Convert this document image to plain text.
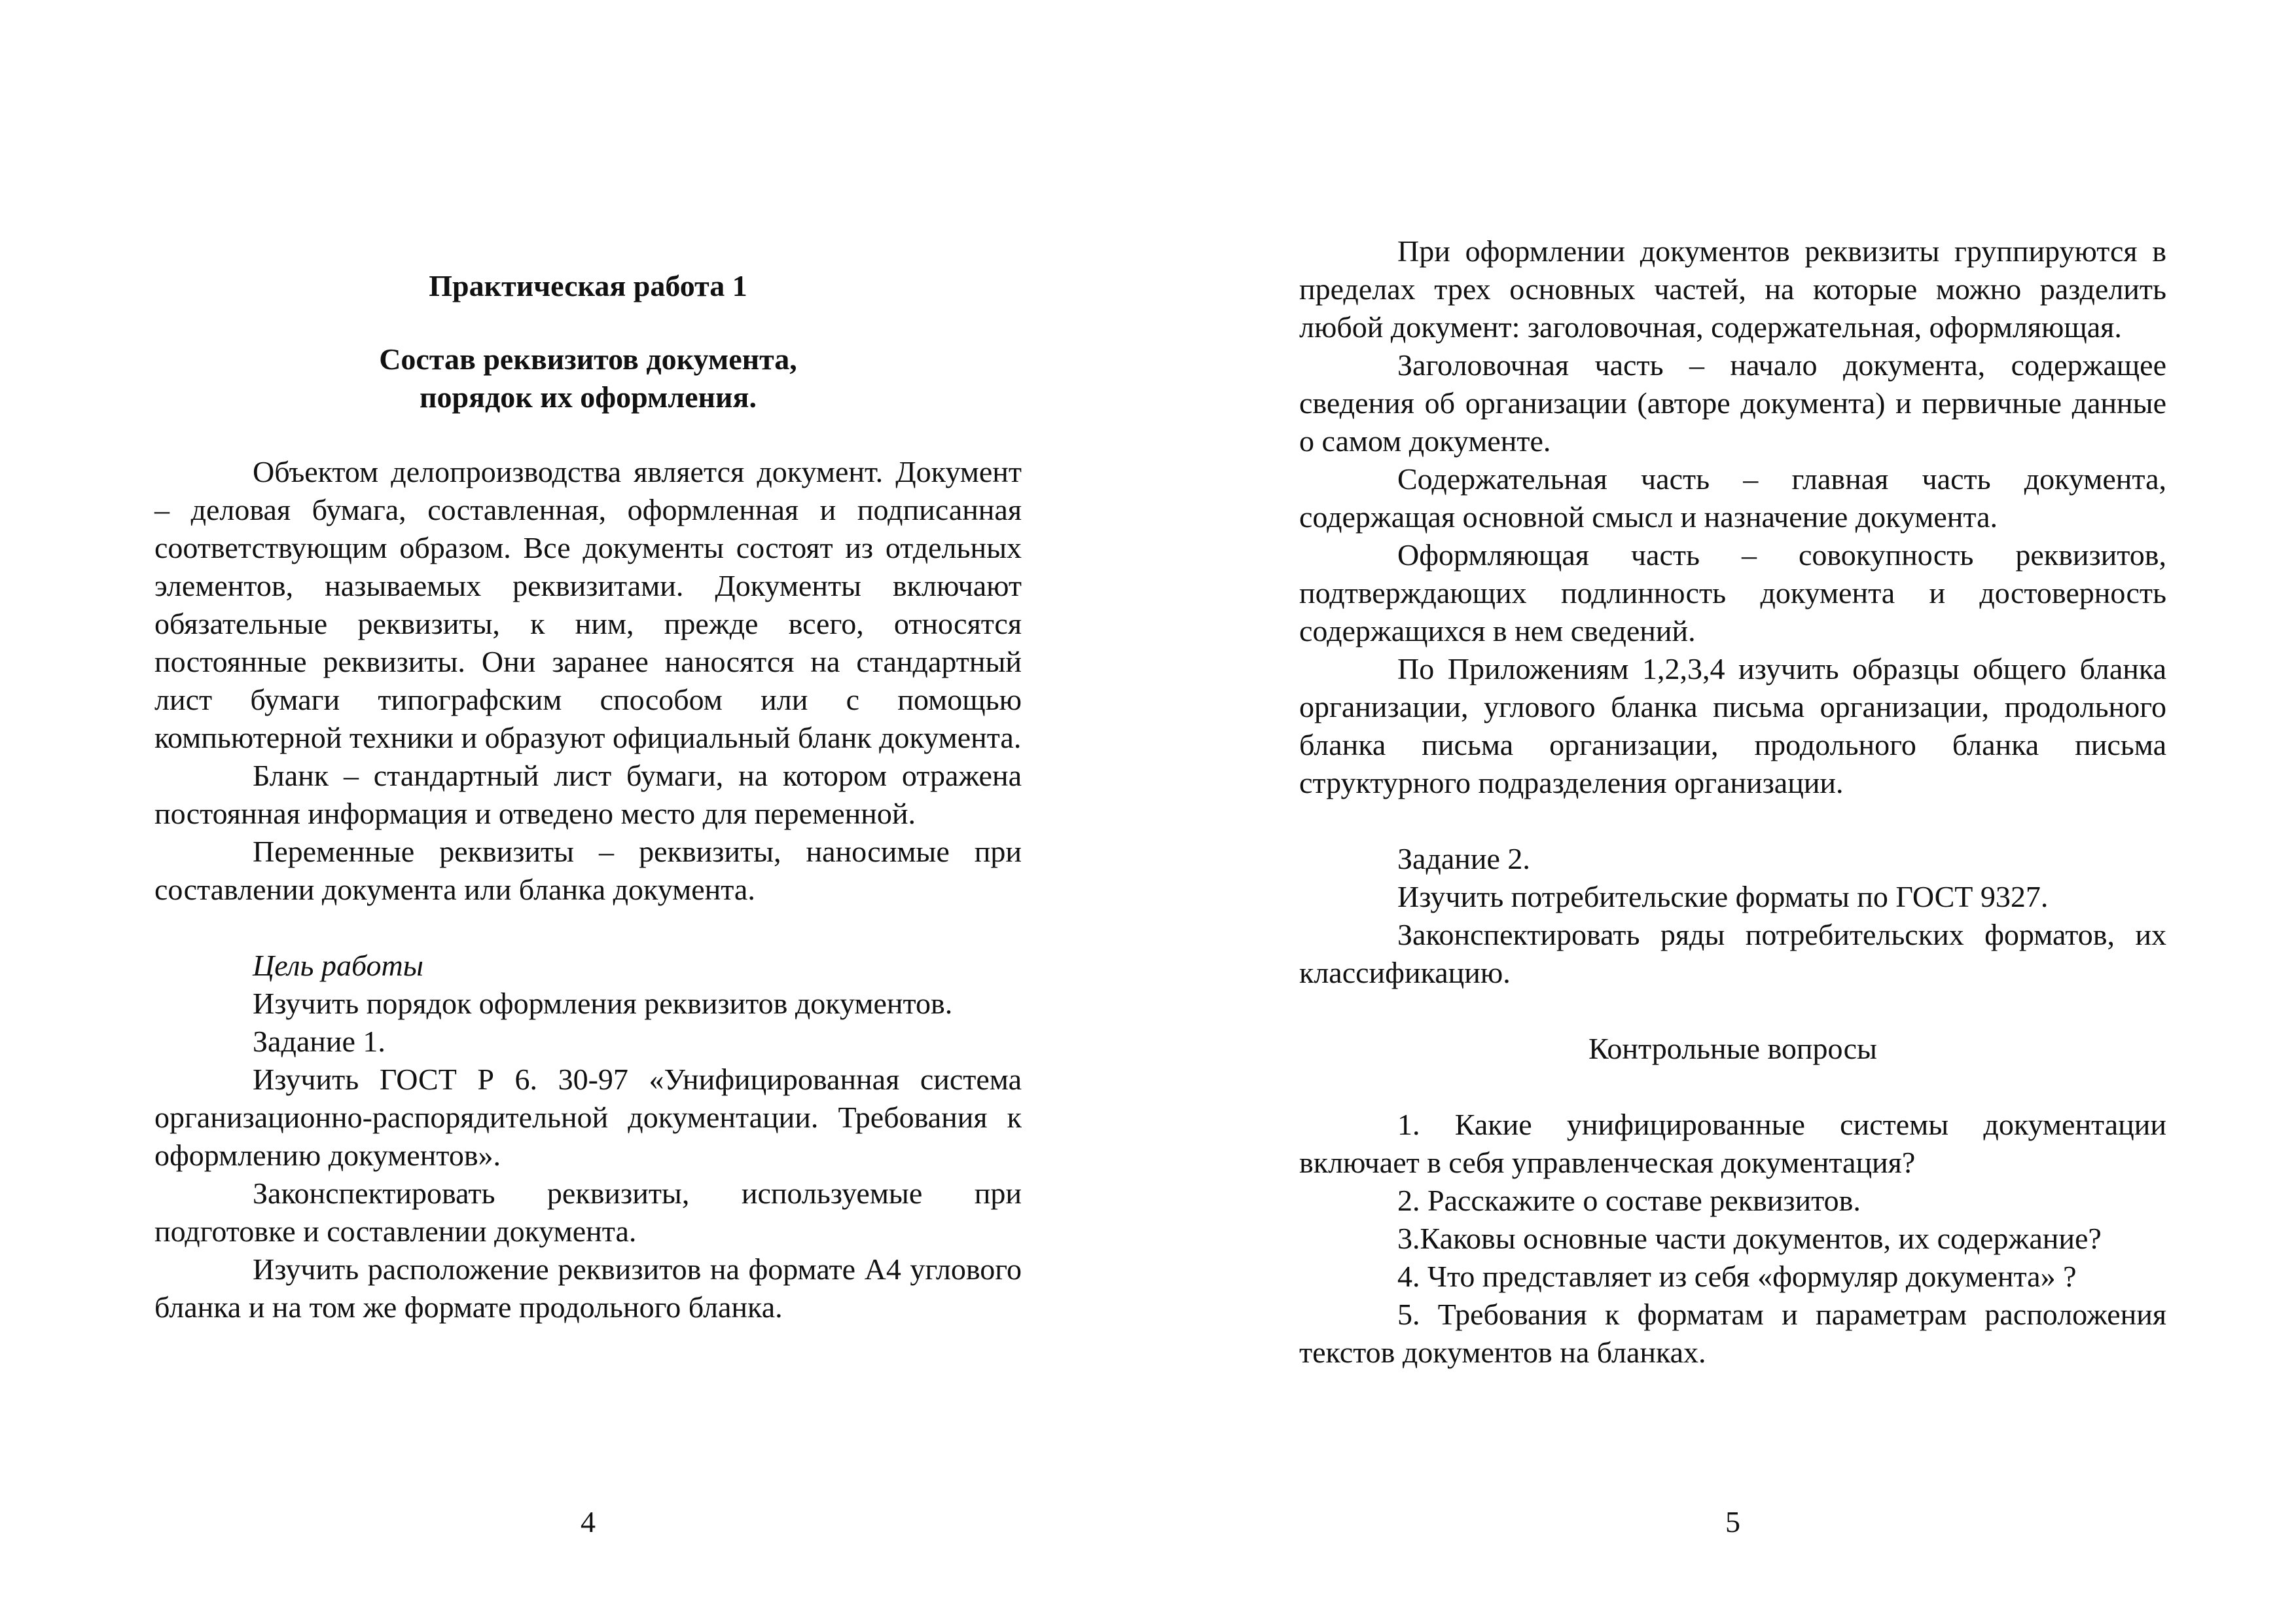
Практическая работа 1

Состав реквизитов документа,

порядок их оформления.

Объектом делопроизводства является документ. Документ – деловая бумага, составленная, оформленная и подписанная соответствующим образом. Все документы состоят из отдельных элементов, называемых реквизитами. Документы включают обязательные реквизиты, к ним, прежде всего, относятся постоянные реквизиты. Они заранее наносятся на стандартный лист бумаги типографским способом или с помощью компьютерной техники и образуют официальный бланк документа.

Бланк – стандартный лист бумаги, на котором отражена постоянная информация и отведено место для переменной.

Переменные реквизиты – реквизиты, наносимые при составлении документа или бланка документа.

Цель работы

Изучить порядок оформления реквизитов документов.

Задание 1.

Изучить ГОСТ Р 6. 30-97 «Унифицированная система организационно-распорядительной документации. Требования к оформлению документов».

Законспектировать реквизиты, используемые при подготовке и составлении документа.

Изучить расположение реквизитов на формате А4 углового бланка и на том же формате продольного бланка.

4

При оформлении документов реквизиты группируются в пределах трех основных частей, на которые можно разделить любой документ: заголовочная, содержательная, оформляющая.

Заголовочная часть – начало документа, содержащее сведения об организации (авторе документа) и первичные данные о самом документе.

Содержательная часть – главная часть документа, содержащая основной смысл и назначение документа.

Оформляющая часть – совокупность реквизитов, подтверждающих подлинность документа и достоверность содержащихся в нем сведений.

По Приложениям 1,2,3,4 изучить образцы общего бланка организации, углового бланка письма организации, продольного бланка письма организации, продольного бланка письма структурного подразделения организации.

Задание 2.

Изучить потребительские форматы по ГОСТ 9327.

Законспектировать ряды потребительских форматов, их классификацию.

Контрольные вопросы

1. Какие унифицированные системы документации включает в себя управленческая документация?

2. Расскажите о составе реквизитов.

3.Каковы основные части документов, их содержание?

4. Что представляет из себя «формуляр документа» ?

5. Требования к форматам и параметрам расположения текстов документов на бланках.

5
